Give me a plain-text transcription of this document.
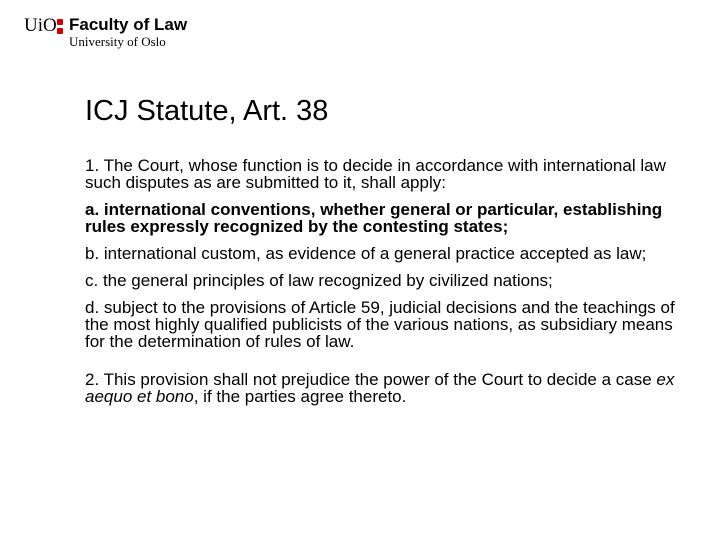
UiO Faculty of Law
University of Oslo
ICJ Statute, Art. 38

1. The Court, whose function is to decide in accordance with international law such disputes as are submitted to it, shall apply:

a. international conventions, whether general or particular, establishing rules expressly recognized by the contesting states;

b. international custom, as evidence of a general practice accepted as law;

c. the general principles of law recognized by civilized nations;

d. subject to the provisions of Article 59, judicial decisions and the teachings of the most highly qualified publicists of the various nations, as subsidiary means for the determination of rules of law.

2. This provision shall not prejudice the power of the Court to decide a case ex aequo et bono, if the parties agree thereto.
